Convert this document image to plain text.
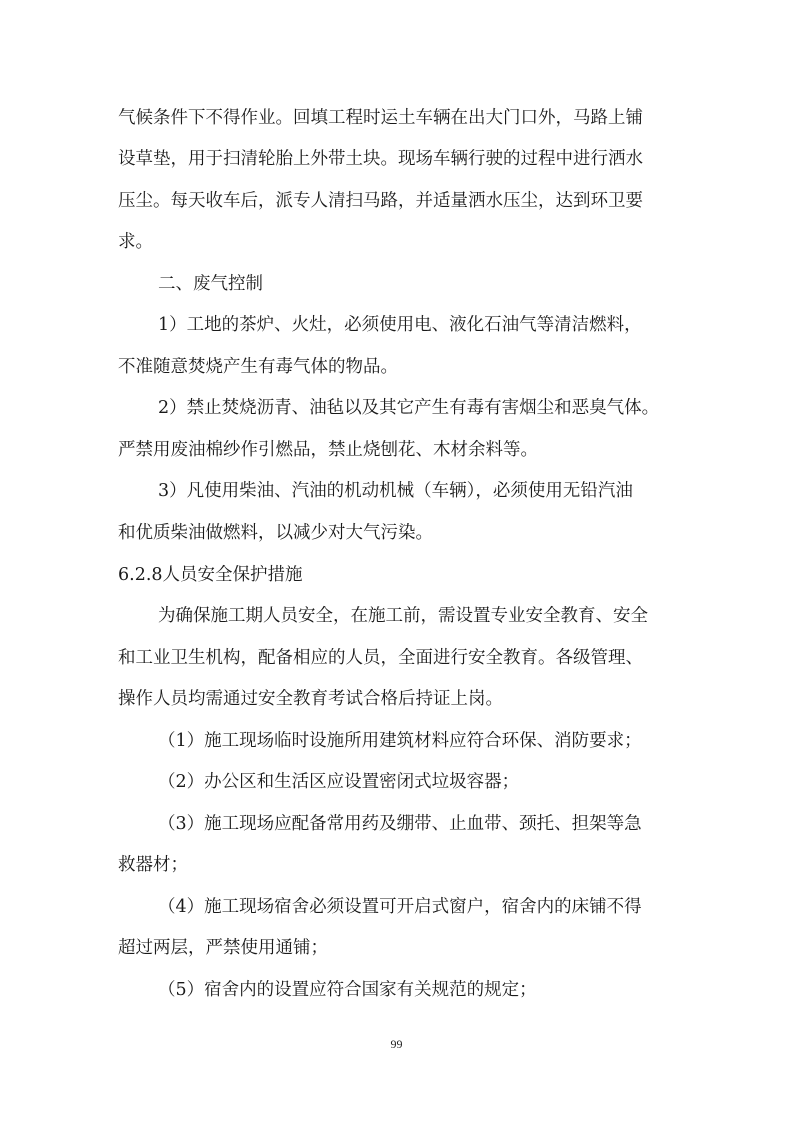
气候条件下不得作业。回填工程时运土车辆在出大门口外，马路上铺
设草垫，用于扫清轮胎上外带土块。现场车辆行驶的过程中进行洒水
压尘。每天收车后，派专人清扫马路，并适量洒水压尘，达到环卫要
求。
二、废气控制
1）工地的茶炉、火灶，必须使用电、液化石油气等清洁燃料，
不准随意焚烧产生有毒气体的物品。
2）禁止焚烧沥青、油毡以及其它产生有毒有害烟尘和恶臭气体。
严禁用废油棉纱作引燃品，禁止烧刨花、木材余料等。
3）凡使用柴油、汽油的机动机械（车辆），必须使用无铅汽油
和优质柴油做燃料，以减少对大气污染。
6.2.8人员安全保护措施
为确保施工期人员安全，在施工前，需设置专业安全教育、安全
和工业卫生机构，配备相应的人员，全面进行安全教育。各级管理、
操作人员均需通过安全教育考试合格后持证上岗。
（1）施工现场临时设施所用建筑材料应符合环保、消防要求；
（2）办公区和生活区应设置密闭式垃圾容器；
（3）施工现场应配备常用药及绷带、止血带、颈托、担架等急
救器材；
（4）施工现场宿舍必须设置可开启式窗户，宿舍内的床铺不得
超过两层，严禁使用通铺；
（5）宿舍内的设置应符合国家有关规范的规定；
99
